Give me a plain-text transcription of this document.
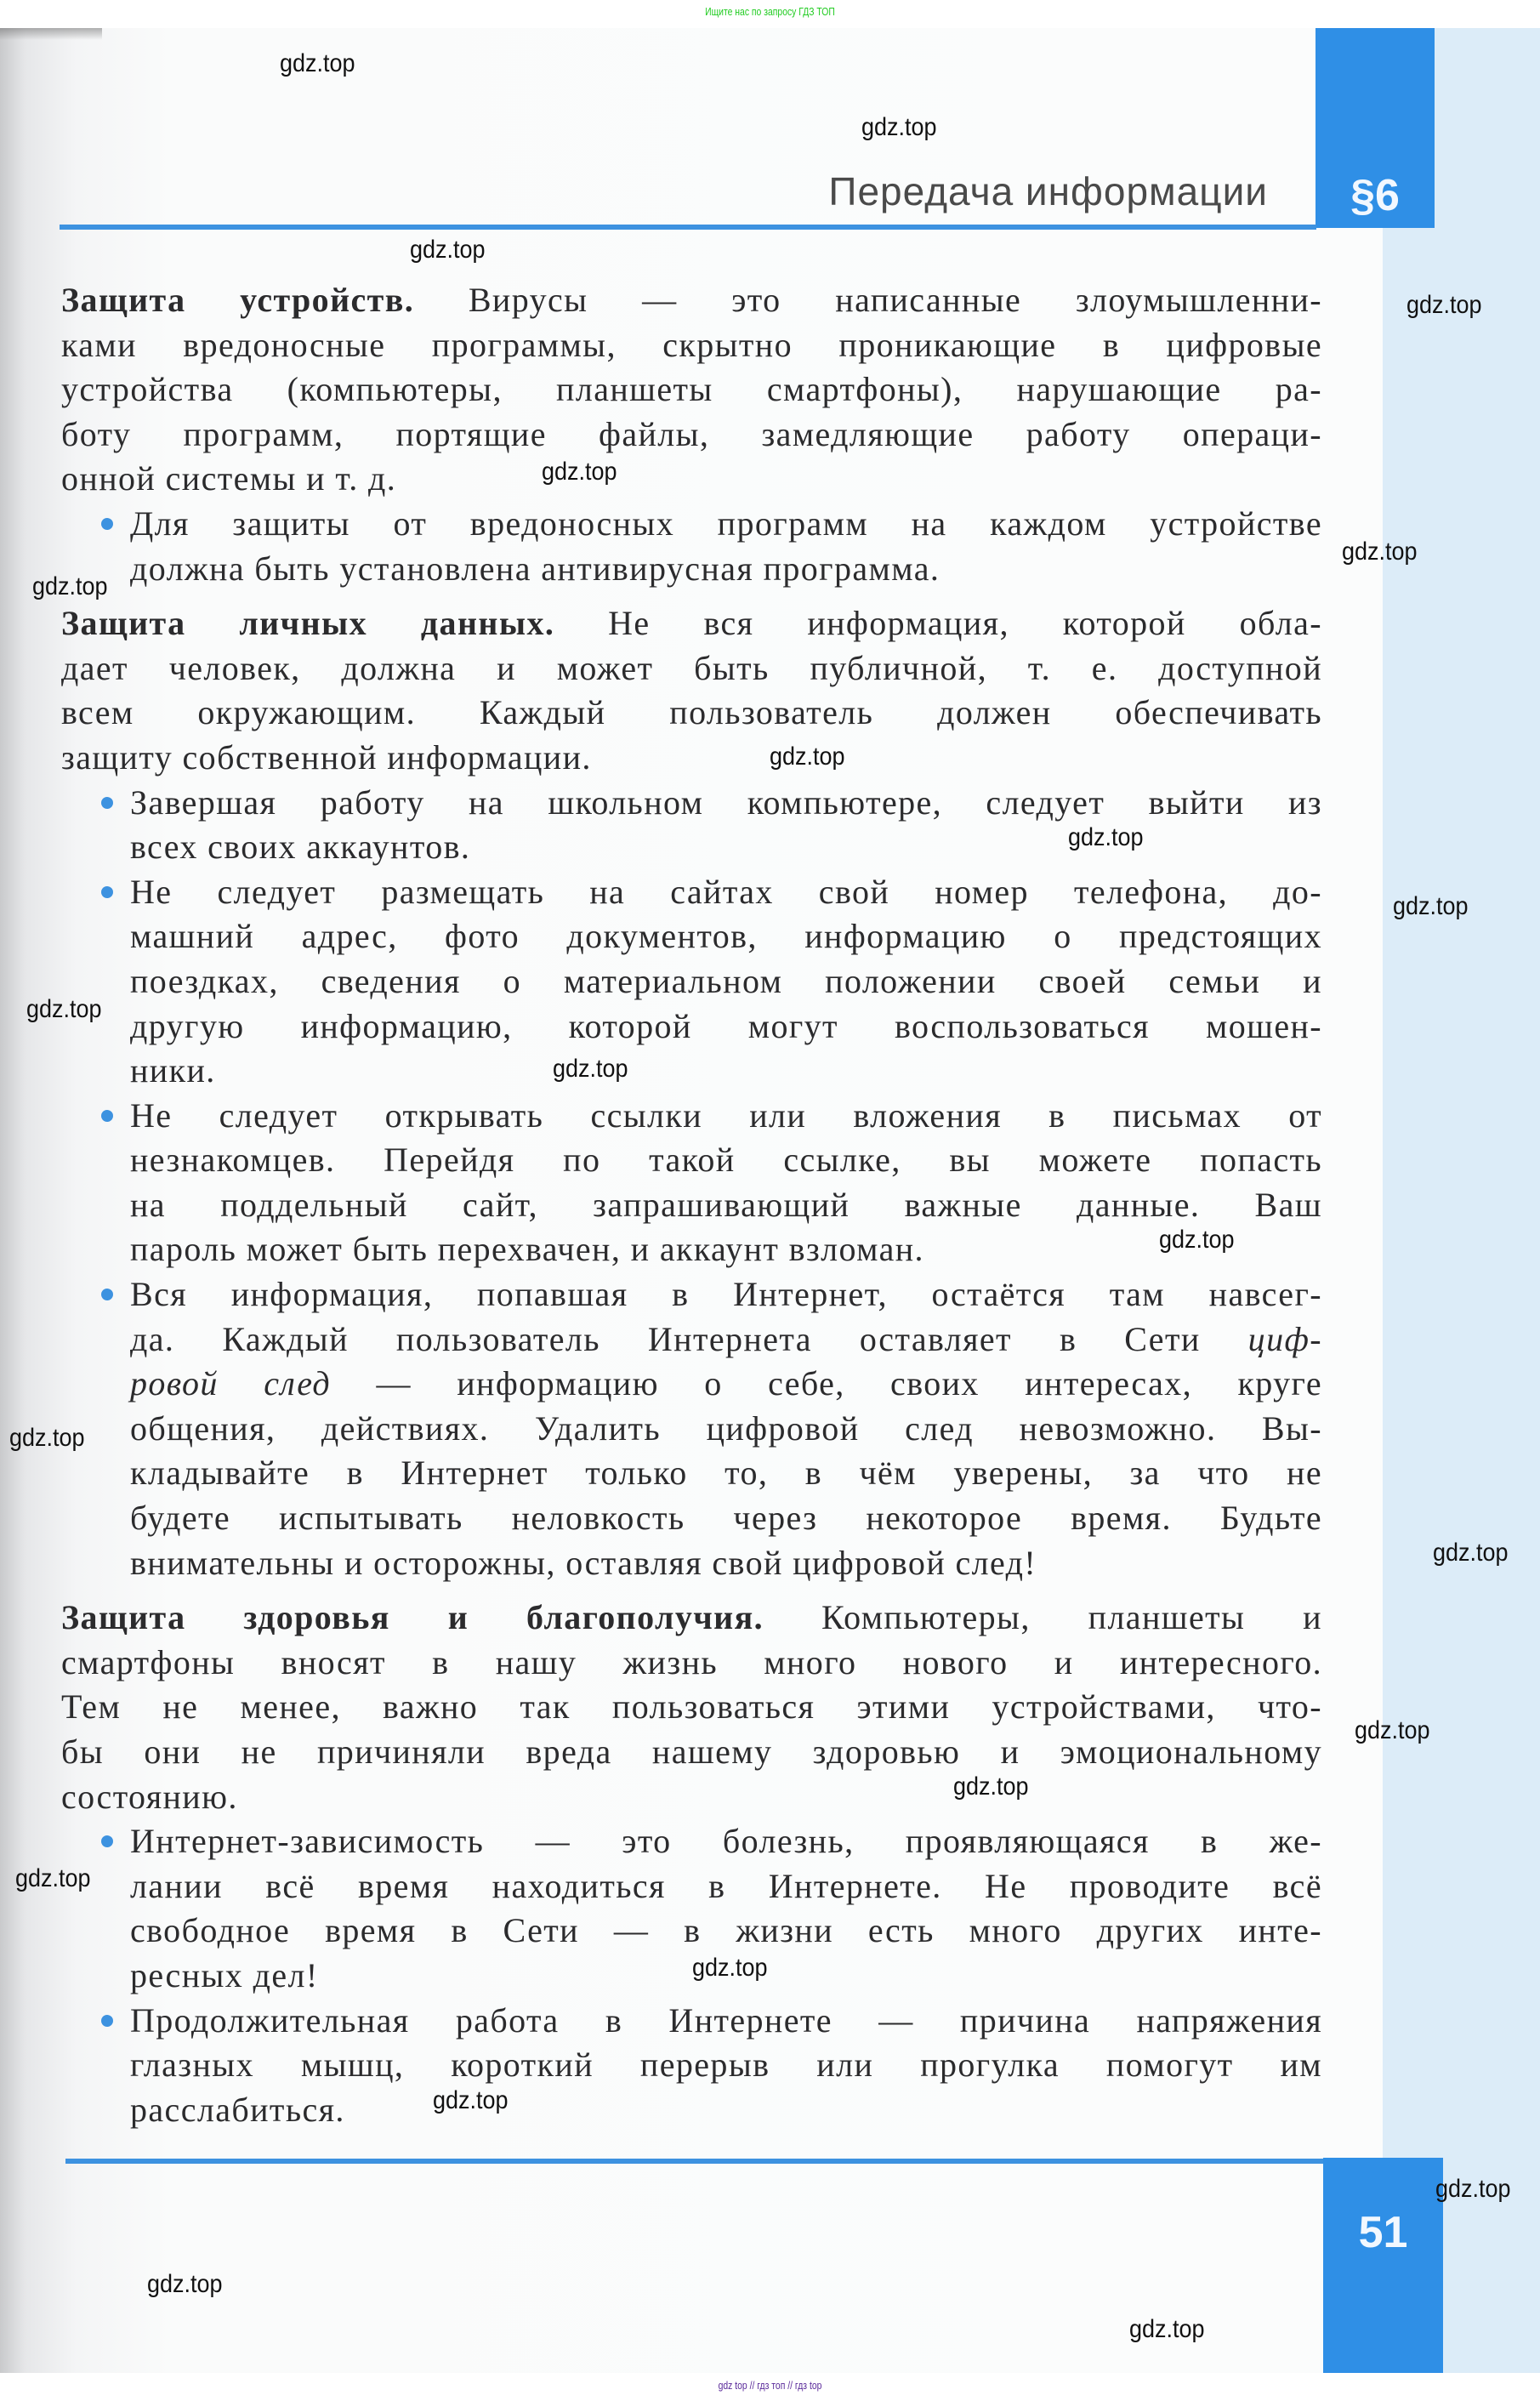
Ищите нас по запросу ГДЗ ТОП
§6
Передача информации
Защита устройств. Вирусы — это написанные злоумышленни-
ками вредоносные программы, скрытно проникающие в цифровые
устройства (компьютеры, планшеты смартфоны), нарушающие ра-
боту программ, портящие файлы, замедляющие работу операци-
онной системы и т. д.
Для защиты от вредоносных программ на каждом устройстве
должна быть установлена антивирусная программа.
Защита личных данных. Не вся информация, которой обла-
дает человек, должна и может быть публичной, т. е. доступной
всем окружающим. Каждый пользователь должен обеспечивать
защиту собственной информации.
Завершая работу на школьном компьютере, следует выйти из
всех своих аккаунтов.
Не следует размещать на сайтах свой номер телефона, до-
машний адрес, фото документов, информацию о предстоящих
поездках, сведения о материальном положении своей семьи и
другую информацию, которой могут воспользоваться мошен-
ники.
Не следует открывать ссылки или вложения в письмах от
незнакомцев. Перейдя по такой ссылке, вы можете попасть
на поддельный сайт, запрашивающий важные данные. Ваш
пароль может быть перехвачен, и аккаунт взломан.
Вся информация, попавшая в Интернет, остаётся там навсег-
да. Каждый пользователь Интернета оставляет в Сети циф-
ровой след — информацию о себе, своих интересах, круге
общения, действиях. Удалить цифровой след невозможно. Вы-
кладывайте в Интернет только то, в чём уверены, за что не
будете испытывать неловкость через некоторое время. Будьте
внимательны и осторожны, оставляя свой цифровой след!
Защита здоровья и благополучия. Компьютеры, планшеты и
смартфоны вносят в нашу жизнь много нового и интересного.
Тем не менее, важно так пользоваться этими устройствами, что-
бы они не причиняли вреда нашему здоровью и эмоциональному
состоянию.
Интернет-зависимость — это болезнь, проявляющаяся в же-
лании всё время находиться в Интернете. Не проводите всё
свободное время в Сети — в жизни есть много других инте-
ресных дел!
Продолжительная работа в Интернете — причина напряжения
глазных мышц, короткий перерыв или прогулка помогут им
расслабиться.
51
gdz top // гдз топ // гдз top
gdz.top
gdz.top
gdz.top
gdz.top
gdz.top
gdz.top
gdz.top
gdz.top
gdz.top
gdz.top
gdz.top
gdz.top
gdz.top
gdz.top
gdz.top
gdz.top
gdz.top
gdz.top
gdz.top
gdz.top
gdz.top
gdz.top
gdz.top
